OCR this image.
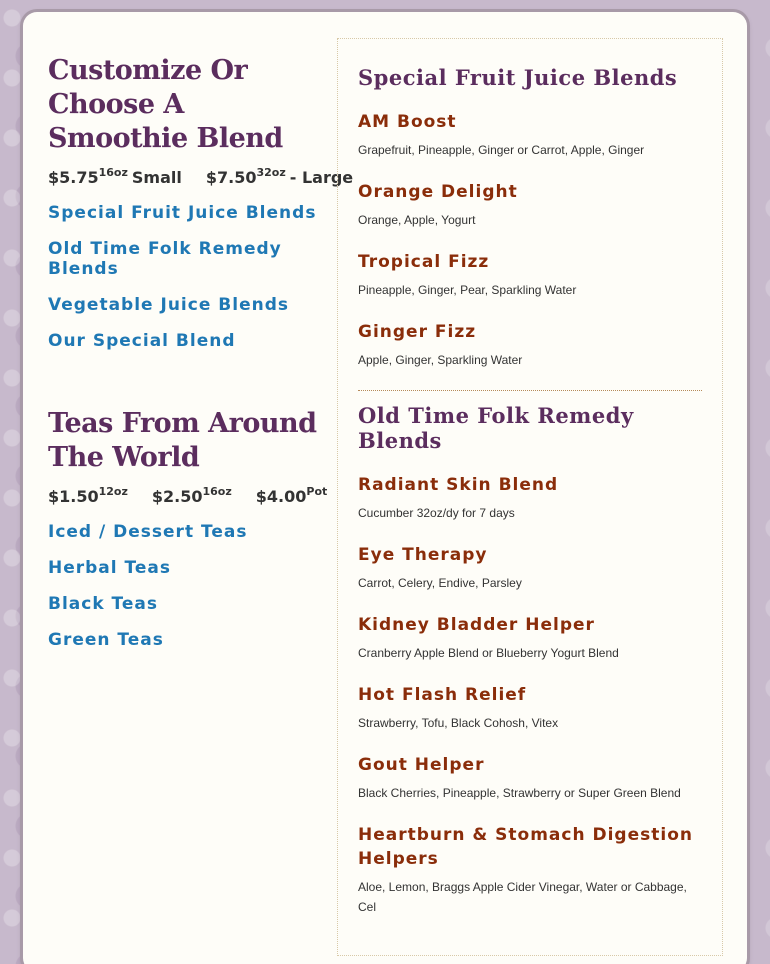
Customize Or Choose A Smoothie Blend
$\$5.75^{16oz}$ Small $\$7.50^{32oz}$ - Large
Special Fruit Juice Blends
Old Time Folk Remedy Blends
Vegetable Juice Blends
Our Special Blend
Teas From Around The World
$\$1.50^{12oz}$ $\$2.50^{16oz}$ $\$4.00^{Pot}$
Iced / Dessert Teas
Herbal Teas
Black Teas
Green Teas
Special Fruit Juice Blends
AM Boost
Grapefruit, Pineapple, Ginger or Carrot, Apple, Ginger
Orange Delight
Orange, Apple, Yogurt
Tropical Fizz
Pineapple, Ginger, Pear, Sparkling Water
Ginger Fizz
Apple, Ginger, Sparkling Water
Old Time Folk Remedy Blends
Radiant Skin Blend
Cucumber 32oz/dy for 7 days
Eye Therapy
Carrot, Celery, Endive, Parsley
Kidney Bladder Helper
Cranberry Apple Blend or Blueberry Yogurt Blend
Hot Flash Relief
Strawberry, Tofu, Black Cohosh, Vitex
Gout Helper
Black Cherries, Pineapple, Strawberry or Super Green Blend
Heartburn & Stomach Digestion Helpers
Aloe, Lemon, Braggs Apple Cider Vinegar, Water or Cabbage, Cel
